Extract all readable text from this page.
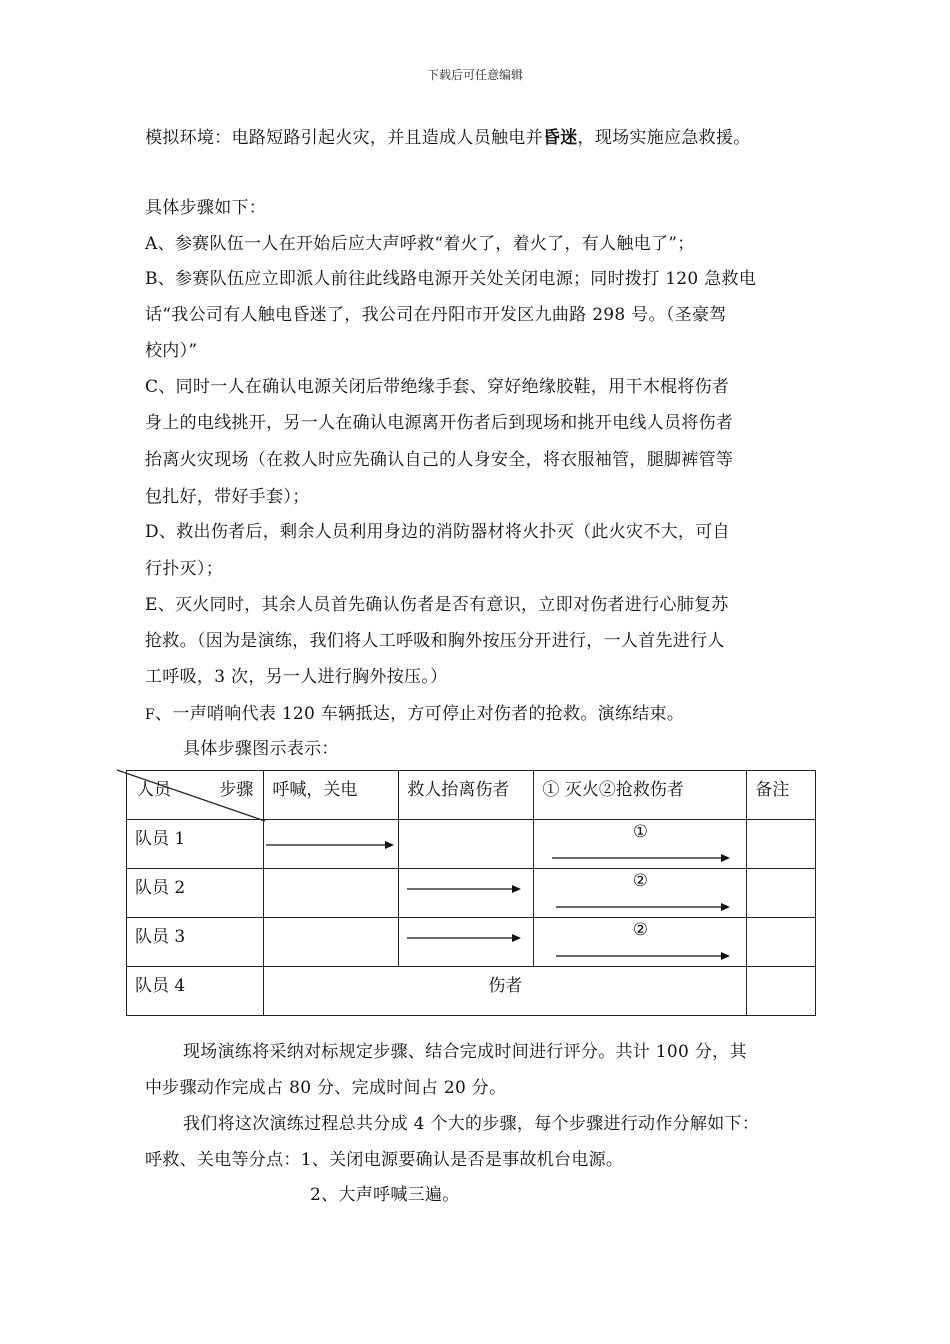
下载后可任意编辑
模拟环境：电路短路引起火灾，并且造成人员触电并昏迷，现场实施应急救援。
具体步骤如下：
A、参赛队伍一人在开始后应大声呼救“着火了，着火了，有人触电了”；
B、参赛队伍应立即派人前往此线路电源开关处关闭电源；同时拨打 120 急救电
话“我公司有人触电昏迷了，我公司在丹阳市开发区九曲路 298 号。（圣豪驾
校内）”
C、同时一人在确认电源关闭后带绝缘手套、穿好绝缘胶鞋，用干木棍将伤者
身上的电线挑开，另一人在确认电源离开伤者后到现场和挑开电线人员将伤者
抬离火灾现场（在救人时应先确认自己的人身安全，将衣服袖管，腿脚裤管等
包扎好，带好手套）；
D、救出伤者后，剩余人员利用身边的消防器材将火扑灭（此火灾不大，可自
行扑灭）；
E、灭火同时，其余人员首先确认伤者是否有意识，立即对伤者进行心肺复苏
抢救。（因为是演练，我们将人工呼吸和胸外按压分开进行，一人首先进行人
工呼吸，3 次，另一人进行胸外按压。）
F、一声哨响代表 120 车辆抵达，方可停止对伤者的抢救。演练结束。
具体步骤图示表示：
人员 步骤	呼喊，关电	救人抬离伤者	① 灭火②抢救伤者	备注
队员 1			①	

队员 2			②	

队员 3			②	

队员 4	伤者			
现场演练将采纳对标规定步骤、结合完成时间进行评分。共计 100 分，其
中步骤动作完成占 80 分、完成时间占 20 分。
我们将这次演练过程总共分成 4 个大的步骤，每个步骤进行动作分解如下：
呼救、关电等分点：1、关闭电源要确认是否是事故机台电源。
2、大声呼喊三遍。
